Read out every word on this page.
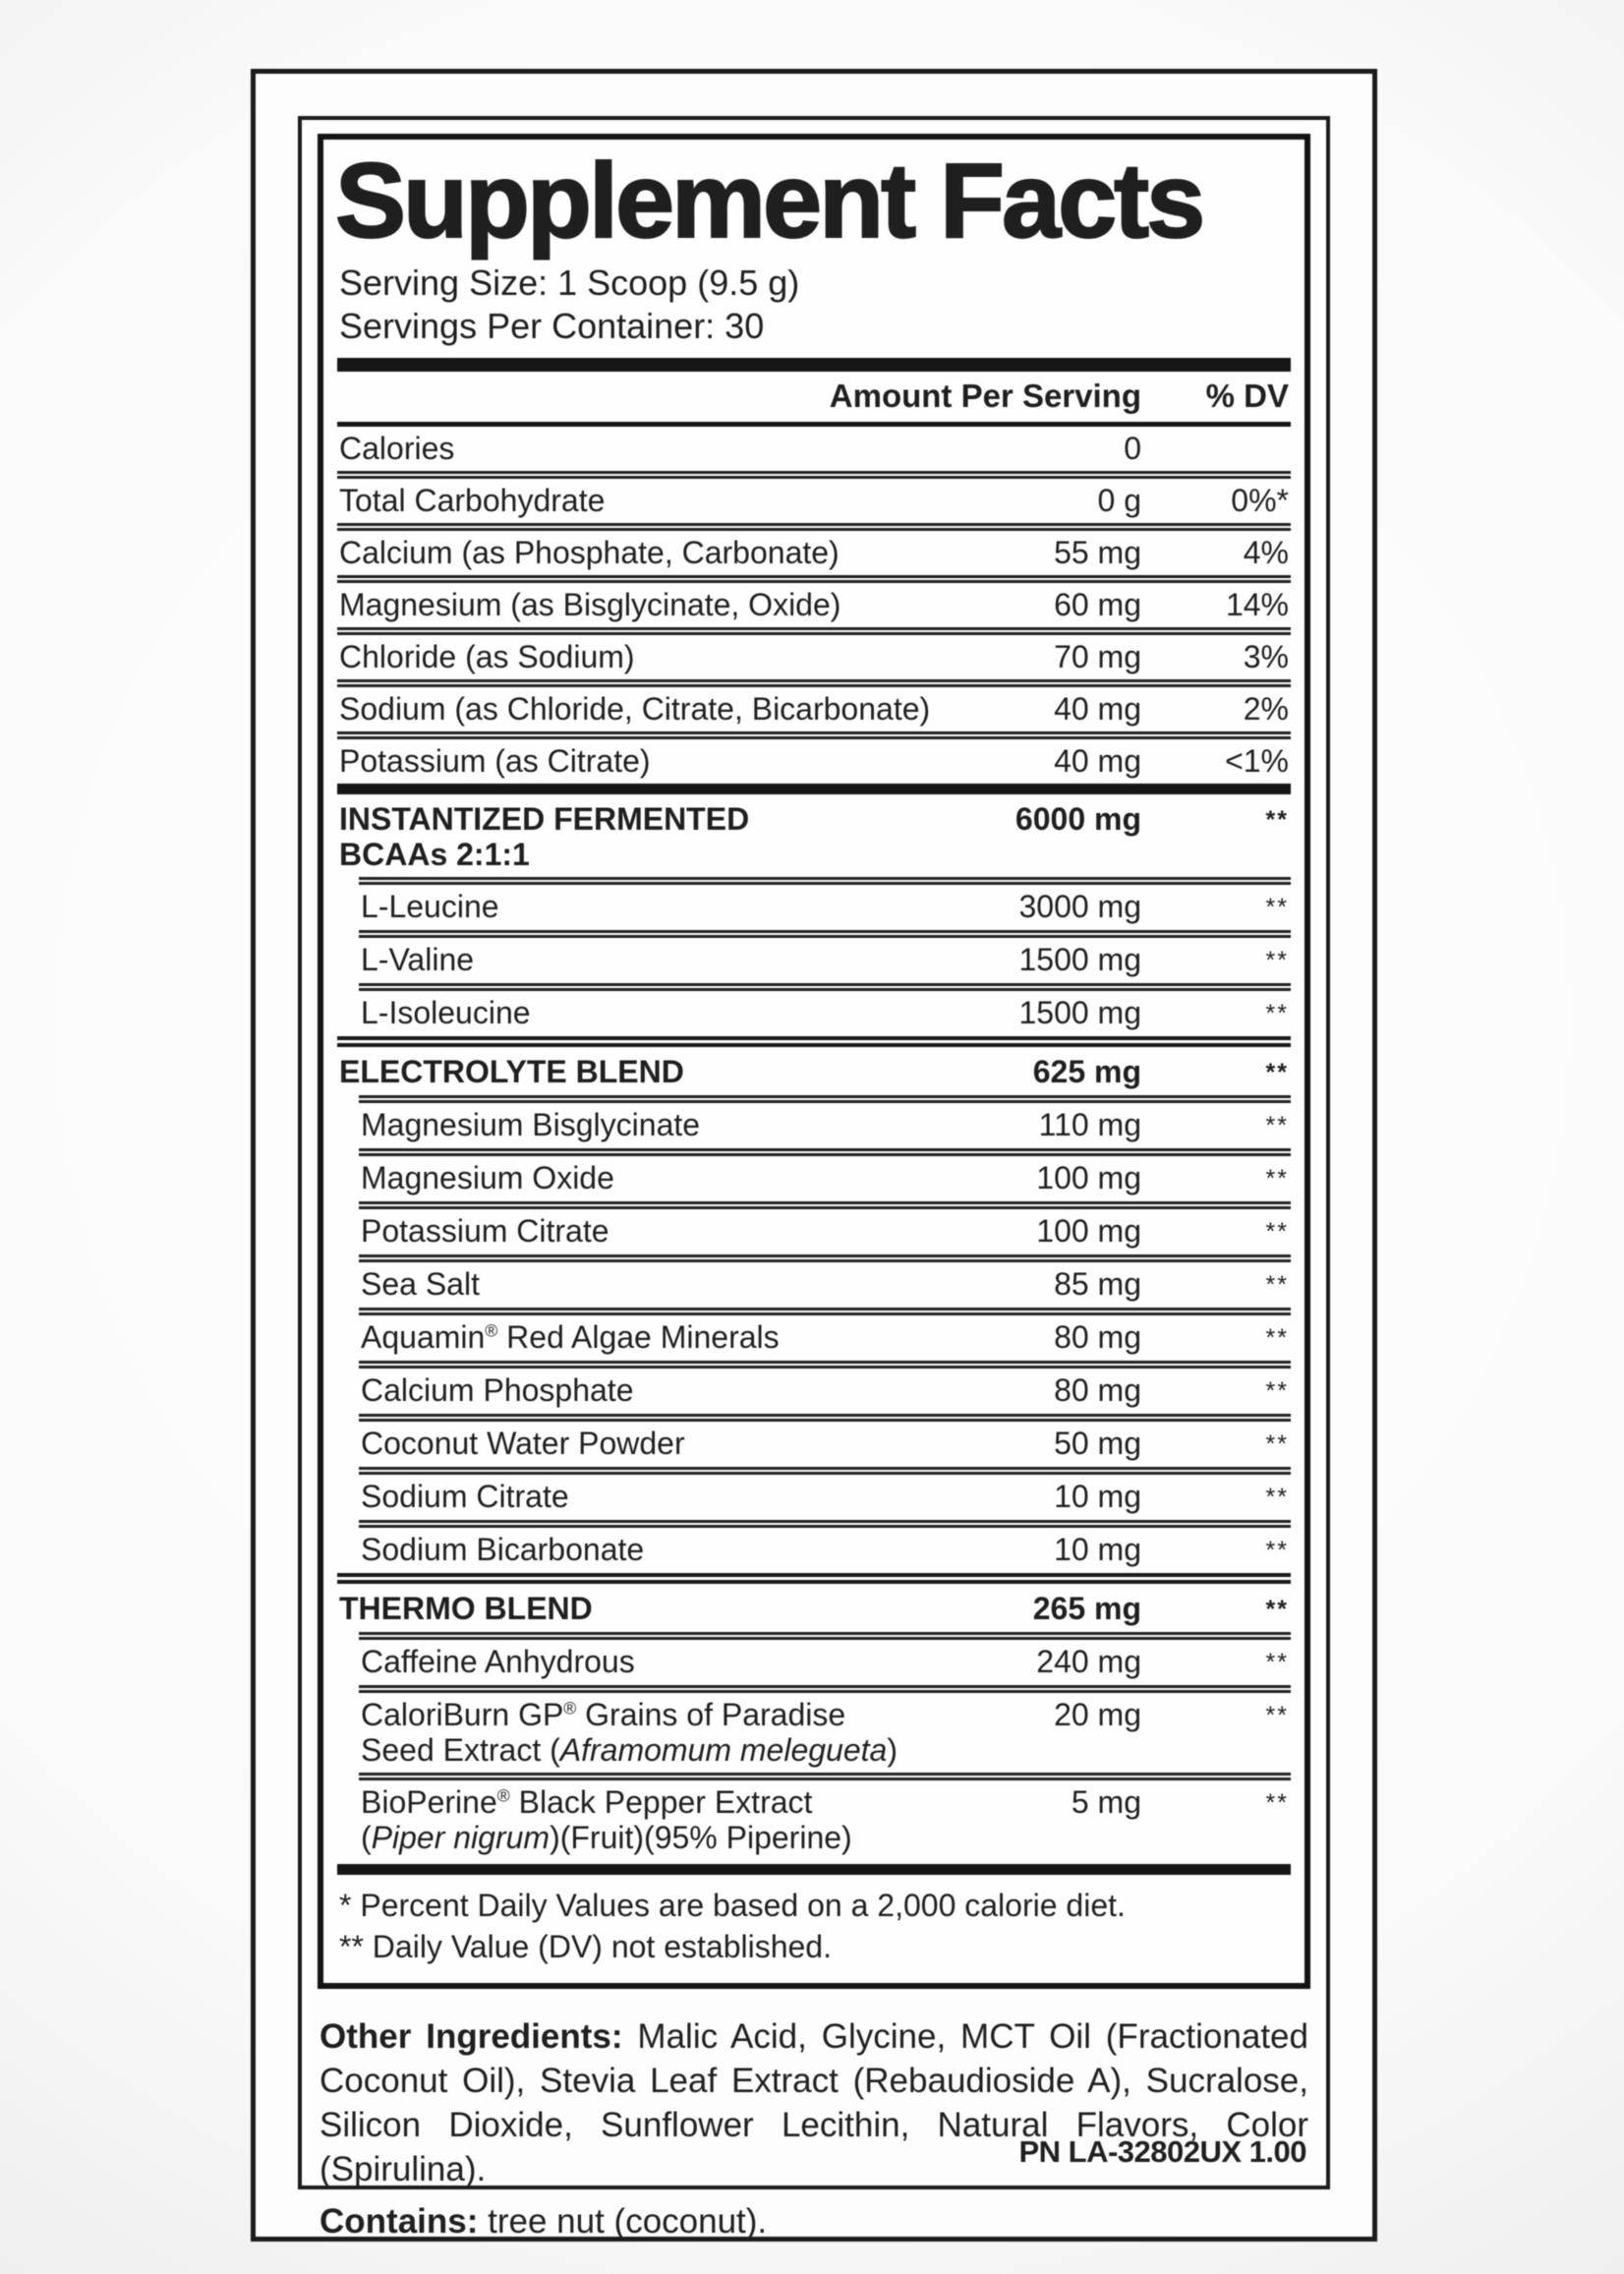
Supplement Facts
Serving Size: 1 Scoop (9.5 g)
Servings Per Container: 30
Amount Per Serving	% DV
Calories	0
Total Carbohydrate	0 g	0%*
Calcium (as Phosphate, Carbonate)	55 mg	4%
Magnesium (as Bisglycinate, Oxide)	60 mg	14%
Chloride (as Sodium)	70 mg	3%
Sodium (as Chloride, Citrate, Bicarbonate)	40 mg	2%
Potassium (as Citrate)	40 mg	<1%
INSTANTIZED FERMENTED
BCAAs 2:1:1
6000 mg	**
L-Leucine	3000 mg	**
L-Valine	1500 mg	**
L-Isoleucine	1500 mg	**
ELECTROLYTE BLEND	625 mg	**
Magnesium Bisglycinate	110 mg	**
Magnesium Oxide	100 mg	**
Potassium Citrate	100 mg	**
Sea Salt	85 mg	**
Aquamin® Red Algae Minerals	80 mg	**
Calcium Phosphate	80 mg	**
Coconut Water Powder	50 mg	**
Sodium Citrate	10 mg	**
Sodium Bicarbonate	10 mg	**
THERMO BLEND	265 mg	**
Caffeine Anhydrous	240 mg	**
CaloriBurn GP® Grains of Paradise
Seed Extract (Aframomum melegueta)
20 mg	**
BioPerine® Black Pepper Extract
(Piper nigrum)(Fruit)(95% Piperine)
5 mg	**

* Percent Daily Values are based on a 2,000 calorie diet.

** Daily Value (DV) not established.

Other Ingredients: Malic Acid, Glycine, MCT Oil (Fractionated Coconut Oil), Stevia Leaf Extract (Rebaudioside A), Sucralose, Silicon Dioxide, Sunflower Lecithin, Natural Flavors, Color (Spirulina).

Contains: tree nut (coconut).

PN LA-32802UX 1.00
